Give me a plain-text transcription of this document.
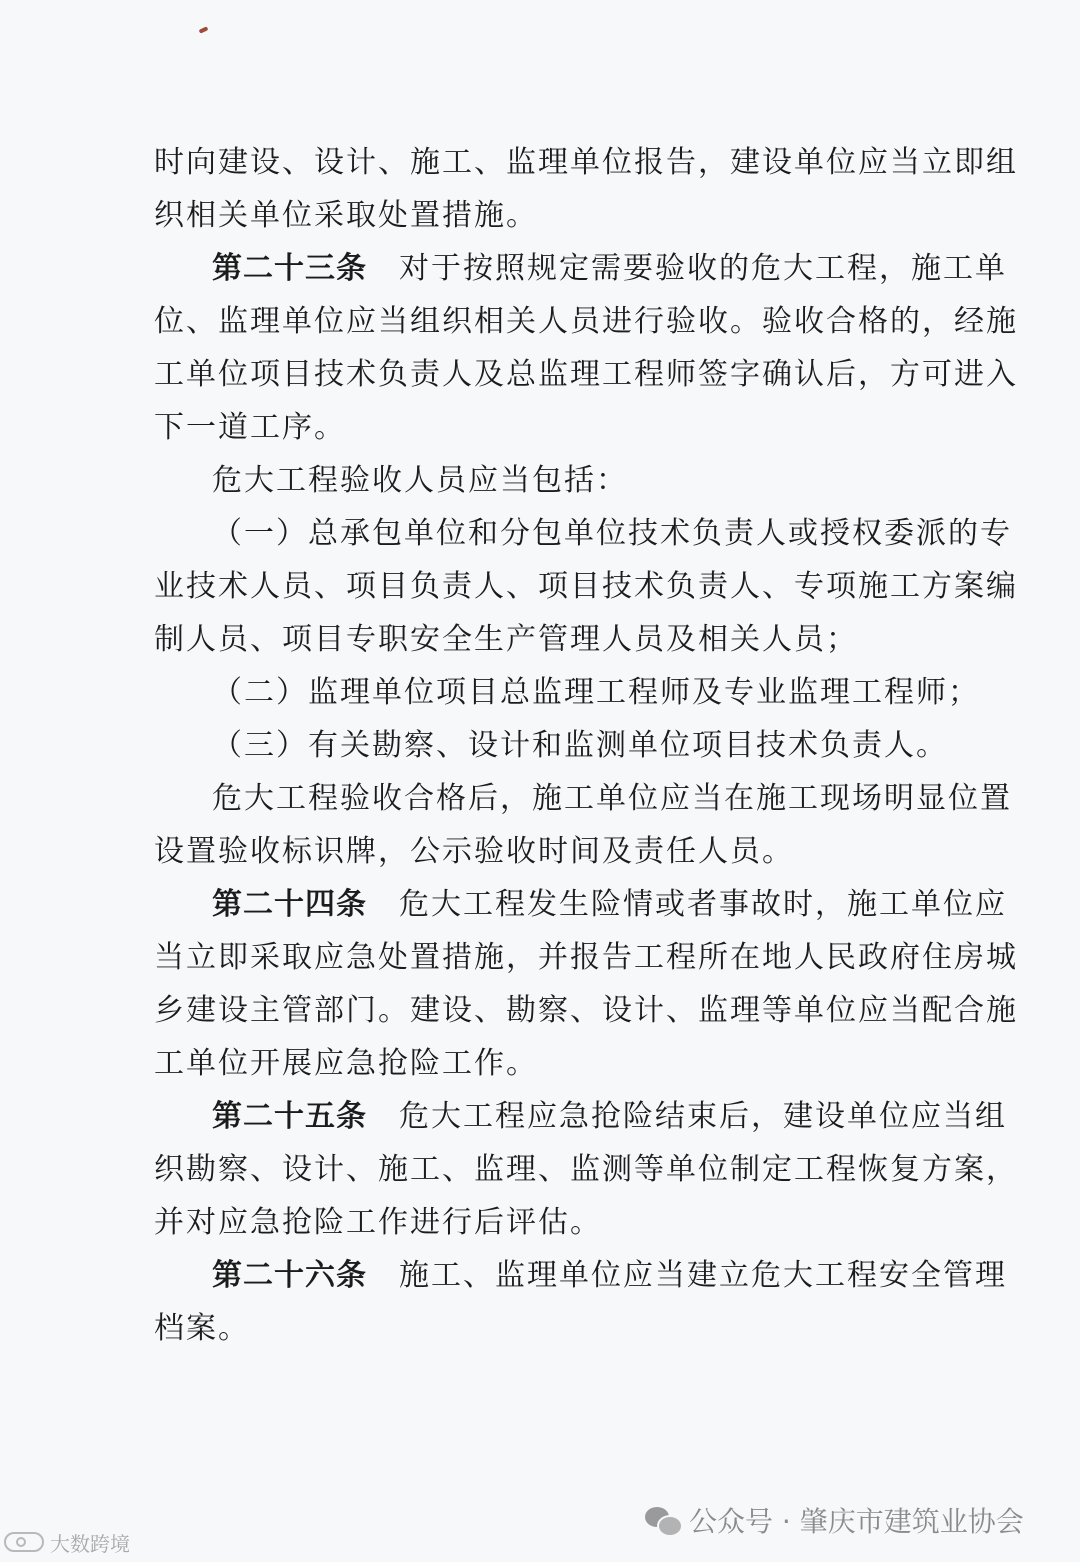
时向建设、设计、施工、监理单位报告，建设单位应当立即组
织相关单位采取处置措施。
第二十三条 对于按照规定需要验收的危大工程，施工单
位、监理单位应当组织相关人员进行验收。验收合格的，经施
工单位项目技术负责人及总监理工程师签字确认后，方可进入
下一道工序。
危大工程验收人员应当包括：
（一）总承包单位和分包单位技术负责人或授权委派的专
业技术人员、项目负责人、项目技术负责人、专项施工方案编
制人员、项目专职安全生产管理人员及相关人员；
（二）监理单位项目总监理工程师及专业监理工程师；
（三）有关勘察、设计和监测单位项目技术负责人。
危大工程验收合格后，施工单位应当在施工现场明显位置
设置验收标识牌，公示验收时间及责任人员。
第二十四条 危大工程发生险情或者事故时，施工单位应
当立即采取应急处置措施，并报告工程所在地人民政府住房城
乡建设主管部门。建设、勘察、设计、监理等单位应当配合施
工单位开展应急抢险工作。
第二十五条 危大工程应急抢险结束后，建设单位应当组
织勘察、设计、施工、监理、监测等单位制定工程恢复方案，
并对应急抢险工作进行后评估。
第二十六条 施工、监理单位应当建立危大工程安全管理
档案。
公众号 · 肇庆市建筑业协会
大数跨境
